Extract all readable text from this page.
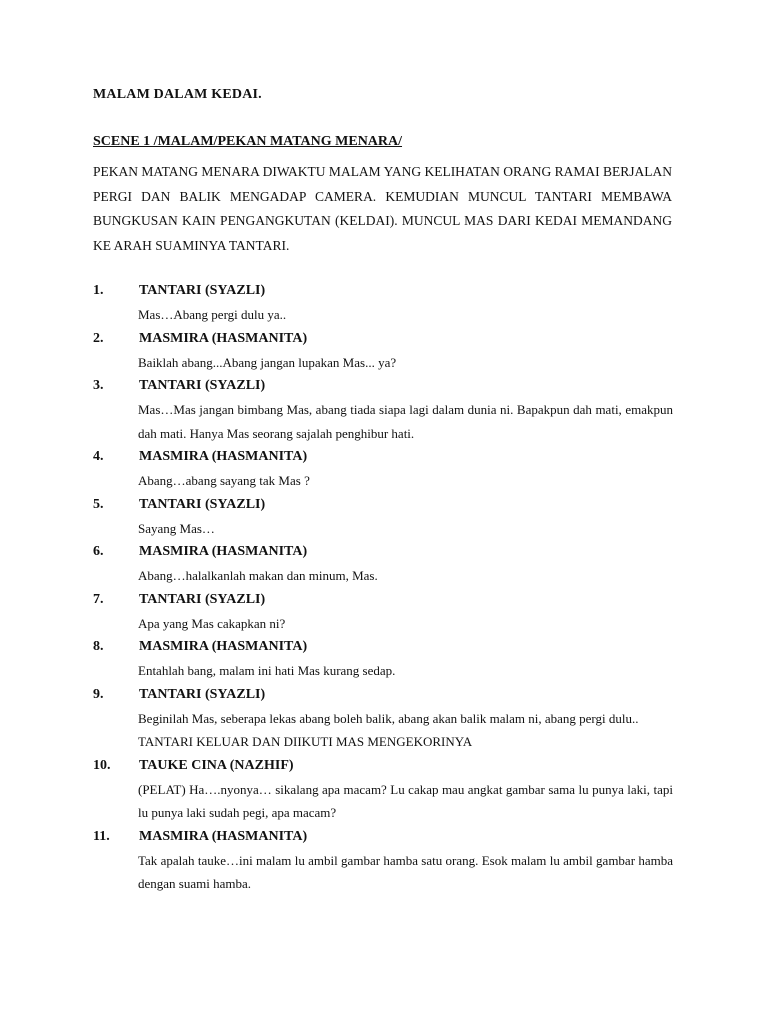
MALAM DALAM KEDAI.
SCENE 1 /MALAM/PEKAN MATANG MENARA/
PEKAN MATANG MENARA DIWAKTU MALAM YANG KELIHATAN ORANG RAMAI BERJALAN PERGI DAN BALIK MENGADAP CAMERA. KEMUDIAN MUNCUL TANTARI MEMBAWA BUNGKUSAN KAIN PENGANGKUTAN (KELDAI). MUNCUL MAS DARI KEDAI MEMANDANG KE ARAH SUAMINYA TANTARI.
1.	TANTARI (SYAZLI)
Mas…Abang pergi dulu ya..
2.	MASMIRA (HASMANITA)
Baiklah abang...Abang jangan lupakan Mas... ya?
3.	TANTARI (SYAZLI)
Mas…Mas jangan bimbang Mas, abang tiada siapa lagi dalam dunia ni. Bapakpun dah mati, emakpun dah mati. Hanya Mas seorang sajalah penghibur hati.
4.	MASMIRA (HASMANITA)
Abang…abang sayang tak Mas ?
5.	TANTARI (SYAZLI)
Sayang Mas…
6.	MASMIRA (HASMANITA)
Abang…halalkanlah makan dan minum, Mas.
7.	TANTARI (SYAZLI)
Apa yang Mas cakapkan ni?
8.	MASMIRA (HASMANITA)
Entahlah bang, malam ini hati Mas kurang sedap.
9.	TANTARI (SYAZLI)
Beginilah Mas, seberapa lekas abang boleh balik, abang akan balik malam ni, abang pergi dulu..
TANTARI KELUAR DAN DIIKUTI MAS MENGEKORINYA
10. TAUKE CINA (NAZHIF)
(PELAT) Ha….nyonya… sikalang apa macam? Lu cakap mau angkat gambar sama lu punya laki, tapi lu punya laki sudah pegi, apa macam?
11. MASMIRA (HASMANITA)
Tak apalah tauke…ini malam lu ambil gambar hamba satu orang. Esok malam lu ambil gambar hamba dengan suami hamba.
